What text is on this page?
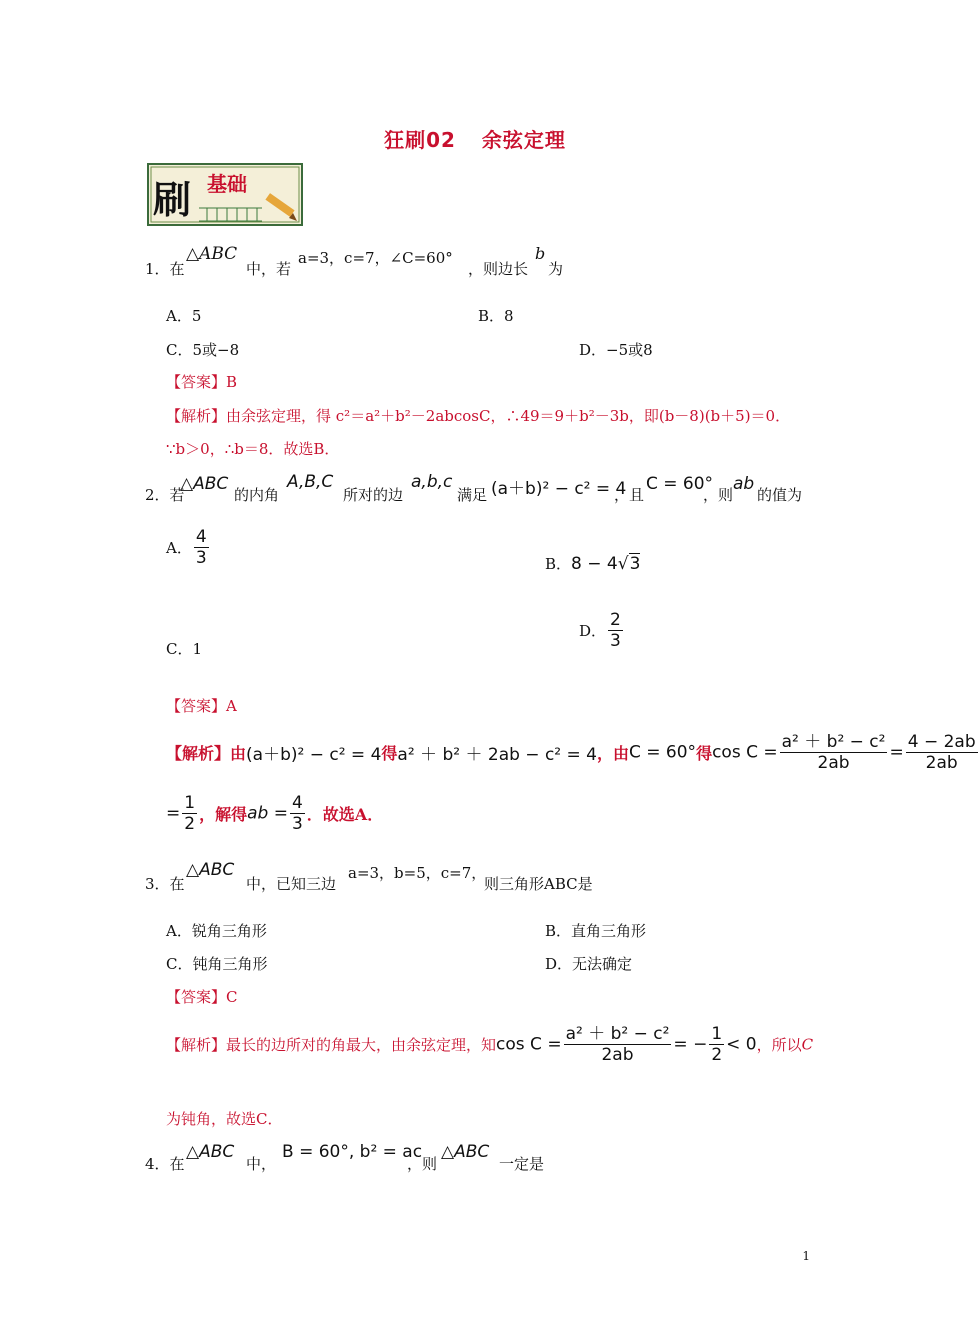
狂刷02 余弦定理
刷 基础
1．在
△ABC
中，若
a=3，c=7，∠C=60°
，则边长
b
为
A．5	B．8
C．5或−8	D．−5或8
【答案】B
【解析】由余弦定理，得 c²＝a²＋b²－2abcosC，∴49＝9＋b²－3b，即(b－8)(b＋5)＝0．
∵b＞0，∴b＝8．故选B．
2．若
△ABC
的内角
A,B,C
所对的边
a,b,c
满足 (a＋b)² − c² = 4
，且
C = 60°
，则
ab
的值为
A． $\frac{4}{3}$	B．8 − 4√3
C．1
D． $\frac{2}{3}$
【答案】A
【解析】由(a＋b)² − c² = 4得a² ＋ b² ＋ 2ab − c² = 4，由C = 60°得$\cos C = \frac{\text{a² ＋ b² − c²}}{2ab} = \frac{4 - 2ab}{2ab}$
= $\frac{1}{2}$ ，解得ab = $\frac{4}{3}$ ．故选A．
3．在
△ABC
中，已知三边
a=3，b=5，c=7，
则三角形ABC是
A．锐角三角形	B．直角三角形
C．钝角三角形	D．无法确定
【答案】C
【解析】最长的边所对的角最大，由余弦定理，知$\cos C = \frac{\text{a² ＋ b² − c²}}{2ab}$ = − $\frac{1}{2} < 0$，所以C
为钝角，故选C．
4．在
△ABC
中，
B = 60°, b² = ac
，则
△ABC
一定是
1
